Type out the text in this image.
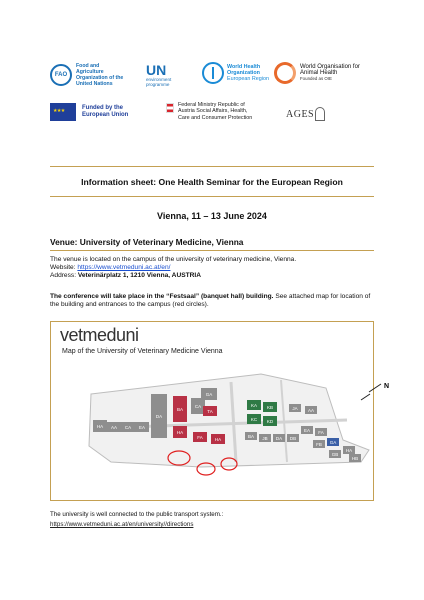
FAO
Food and Agriculture Organization of the United Nations
UN
environment programme
World Health Organization
European Region
World Organisation for Animal Health
Founded as OIE
★ ★ ★
Funded by the European Union
Federal Ministry Republic of Austria Social Affairs, Health, Care and Consumer Protection	AGES
Information sheet: One Health Seminar for the European Region
Vienna, 11 – 13 June 2024
Venue: University of Veterinary Medicine, Vienna
The venue is located on the campus of the university of veterinary medicine, Vienna.
Website: https://www.vetmeduni.ac.at/en/
Address: Veterinärplatz 1, 1210 Vienna, AUSTRIA
The conference will take place in the “Festsaal” (banquet hall) building. See attached map for location of the building and entrances to the campus (red circles).
vetmeduni
Map of the University of Veterinary Medicine Vienna
N
HA AA CA EA
DA
BA
HA
CA
FA	HA
GA
TA
KA KB
KC KD
JA AA
BA JB DA DB
EA FA
FB GA
GB
HA
HB
The university is well connected to the public transport system.:
https://www.vetmeduni.ac.at/en/university//directions
